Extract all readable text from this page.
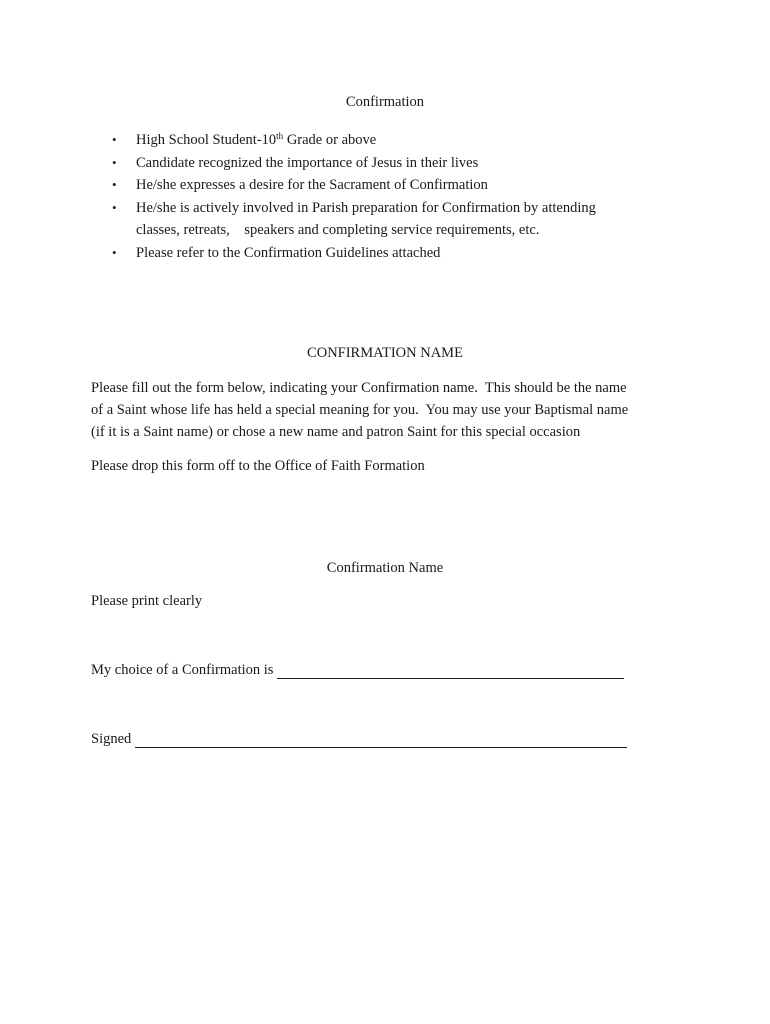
Confirmation
• High School Student-10th Grade or above
• Candidate recognized the importance of Jesus in their lives
• He/she expresses a desire for the Sacrament of Confirmation
• He/she is actively involved in Parish preparation for Confirmation by attending
classes, retreats,    speakers and completing service requirements, etc.
• Please refer to the Confirmation Guidelines attached
CONFIRMATION NAME
Please fill out the form below, indicating your Confirmation name.  This should be the name
of a Saint whose life has held a special meaning for you.  You may use your Baptismal name
(if it is a Saint name) or chose a new name and patron Saint for this special occasion
Please drop this form off to the Office of Faith Formation
Confirmation Name
Please print clearly
My choice of a Confirmation is
Signed
